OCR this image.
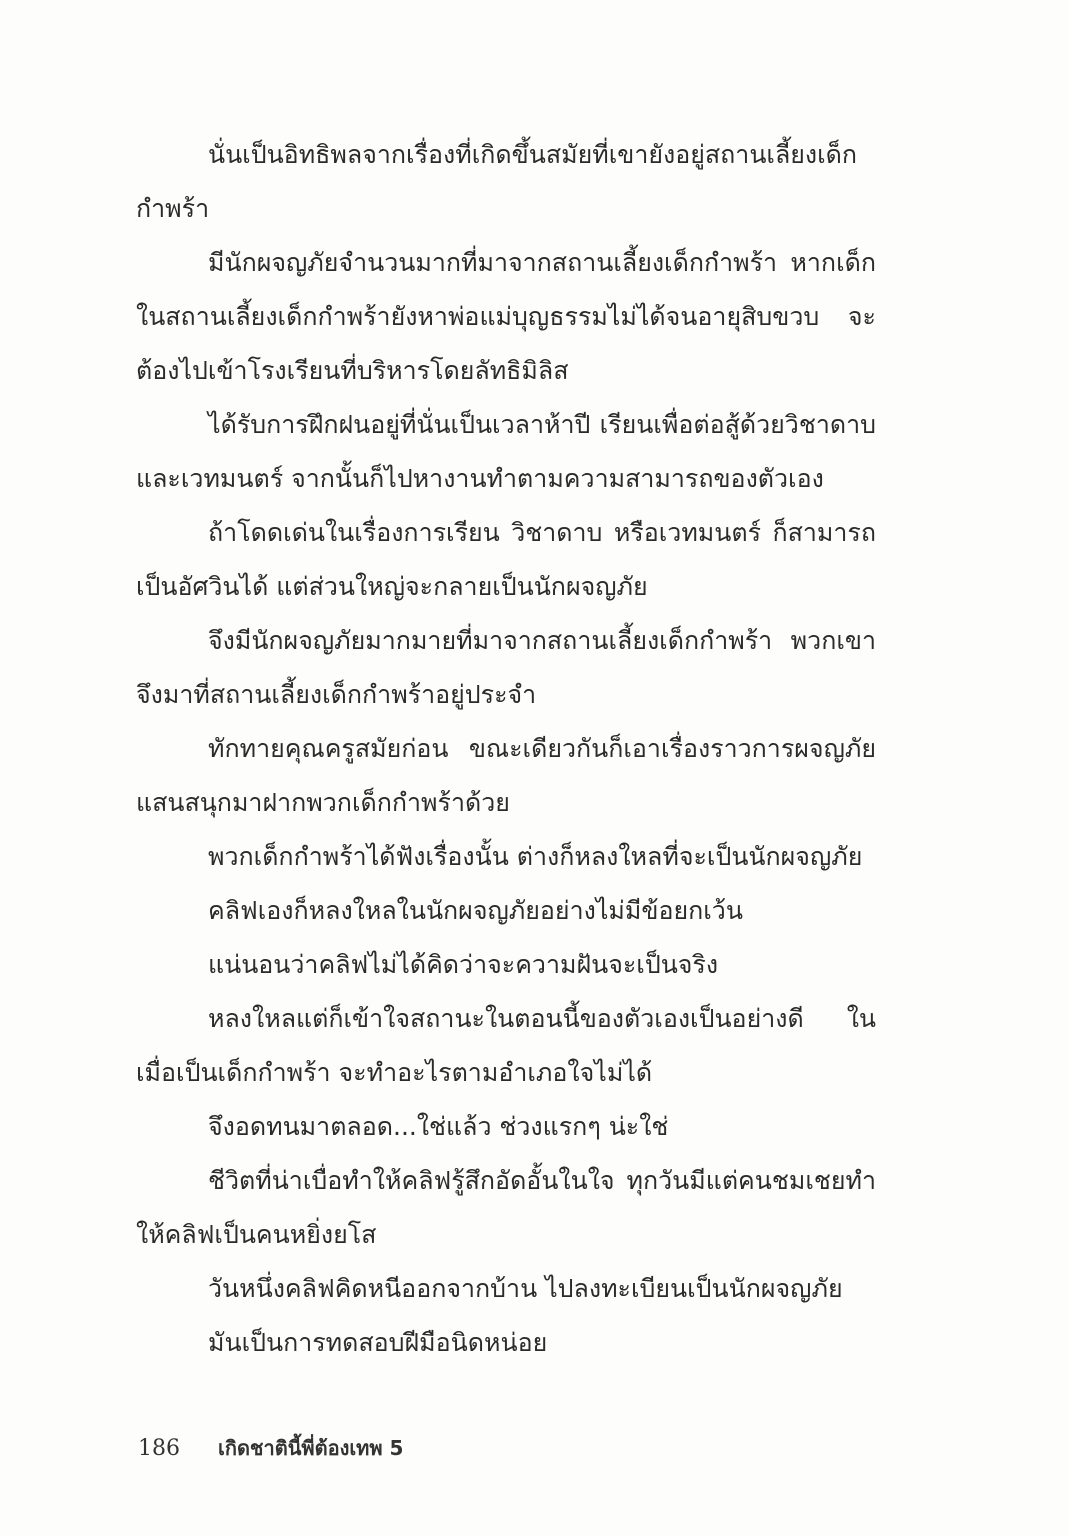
นั่นเป็นอิทธิพลจากเรื่องที่เกิดขึ้นสมัยที่เขายังอยู่สถานเลี้ยงเด็กกำพร้า

มีนักผจญภัยจำนวนมากที่มาจากสถานเลี้ยงเด็กกำพร้า หากเด็กในสถานเลี้ยงเด็กกำพร้ายังหาพ่อแม่บุญธรรมไม่ได้จนอายุสิบขวบ จะต้องไปเข้าโรงเรียนที่บริหารโดยลัทธิมิลิส

ได้รับการฝึกฝนอยู่ที่นั่นเป็นเวลาห้าปี เรียนเพื่อต่อสู้ด้วยวิชาดาบและเวทมนตร์ จากนั้นก็ไปหางานทำตามความสามารถของตัวเอง

ถ้าโดดเด่นในเรื่องการเรียน วิชาดาบ หรือเวทมนตร์ ก็สามารถเป็นอัศวินได้ แต่ส่วนใหญ่จะกลายเป็นนักผจญภัย

จึงมีนักผจญภัยมากมายที่มาจากสถานเลี้ยงเด็กกำพร้า พวกเขาจึงมาที่สถานเลี้ยงเด็กกำพร้าอยู่ประจำ

ทักทายคุณครูสมัยก่อน ขณะเดียวกันก็เอาเรื่องราวการผจญภัยแสนสนุกมาฝากพวกเด็กกำพร้าด้วย

พวกเด็กกำพร้าได้ฟังเรื่องนั้น ต่างก็หลงใหลที่จะเป็นนักผจญภัย

คลิฟเองก็หลงใหลในนักผจญภัยอย่างไม่มีข้อยกเว้น

แน่นอนว่าคลิฟไม่ได้คิดว่าจะความฝันจะเป็นจริง

หลงใหลแต่ก็เข้าใจสถานะในตอนนี้ของตัวเองเป็นอย่างดี ในเมื่อเป็นเด็กกำพร้า จะทำอะไรตามอำเภอใจไม่ได้

จึงอดทนมาตลอด...ใช่แล้ว ช่วงแรกๆ น่ะใช่

ชีวิตที่น่าเบื่อทำให้คลิฟรู้สึกอัดอั้นในใจ ทุกวันมีแต่คนชมเชยทำให้คลิฟเป็นคนหยิ่งยโส

วันหนึ่งคลิฟคิดหนีออกจากบ้าน ไปลงทะเบียนเป็นนักผจญภัย

มันเป็นการทดสอบฝีมือนิดหน่อย

186 เกิดชาตินี้พี่ต้องเทพ 5
